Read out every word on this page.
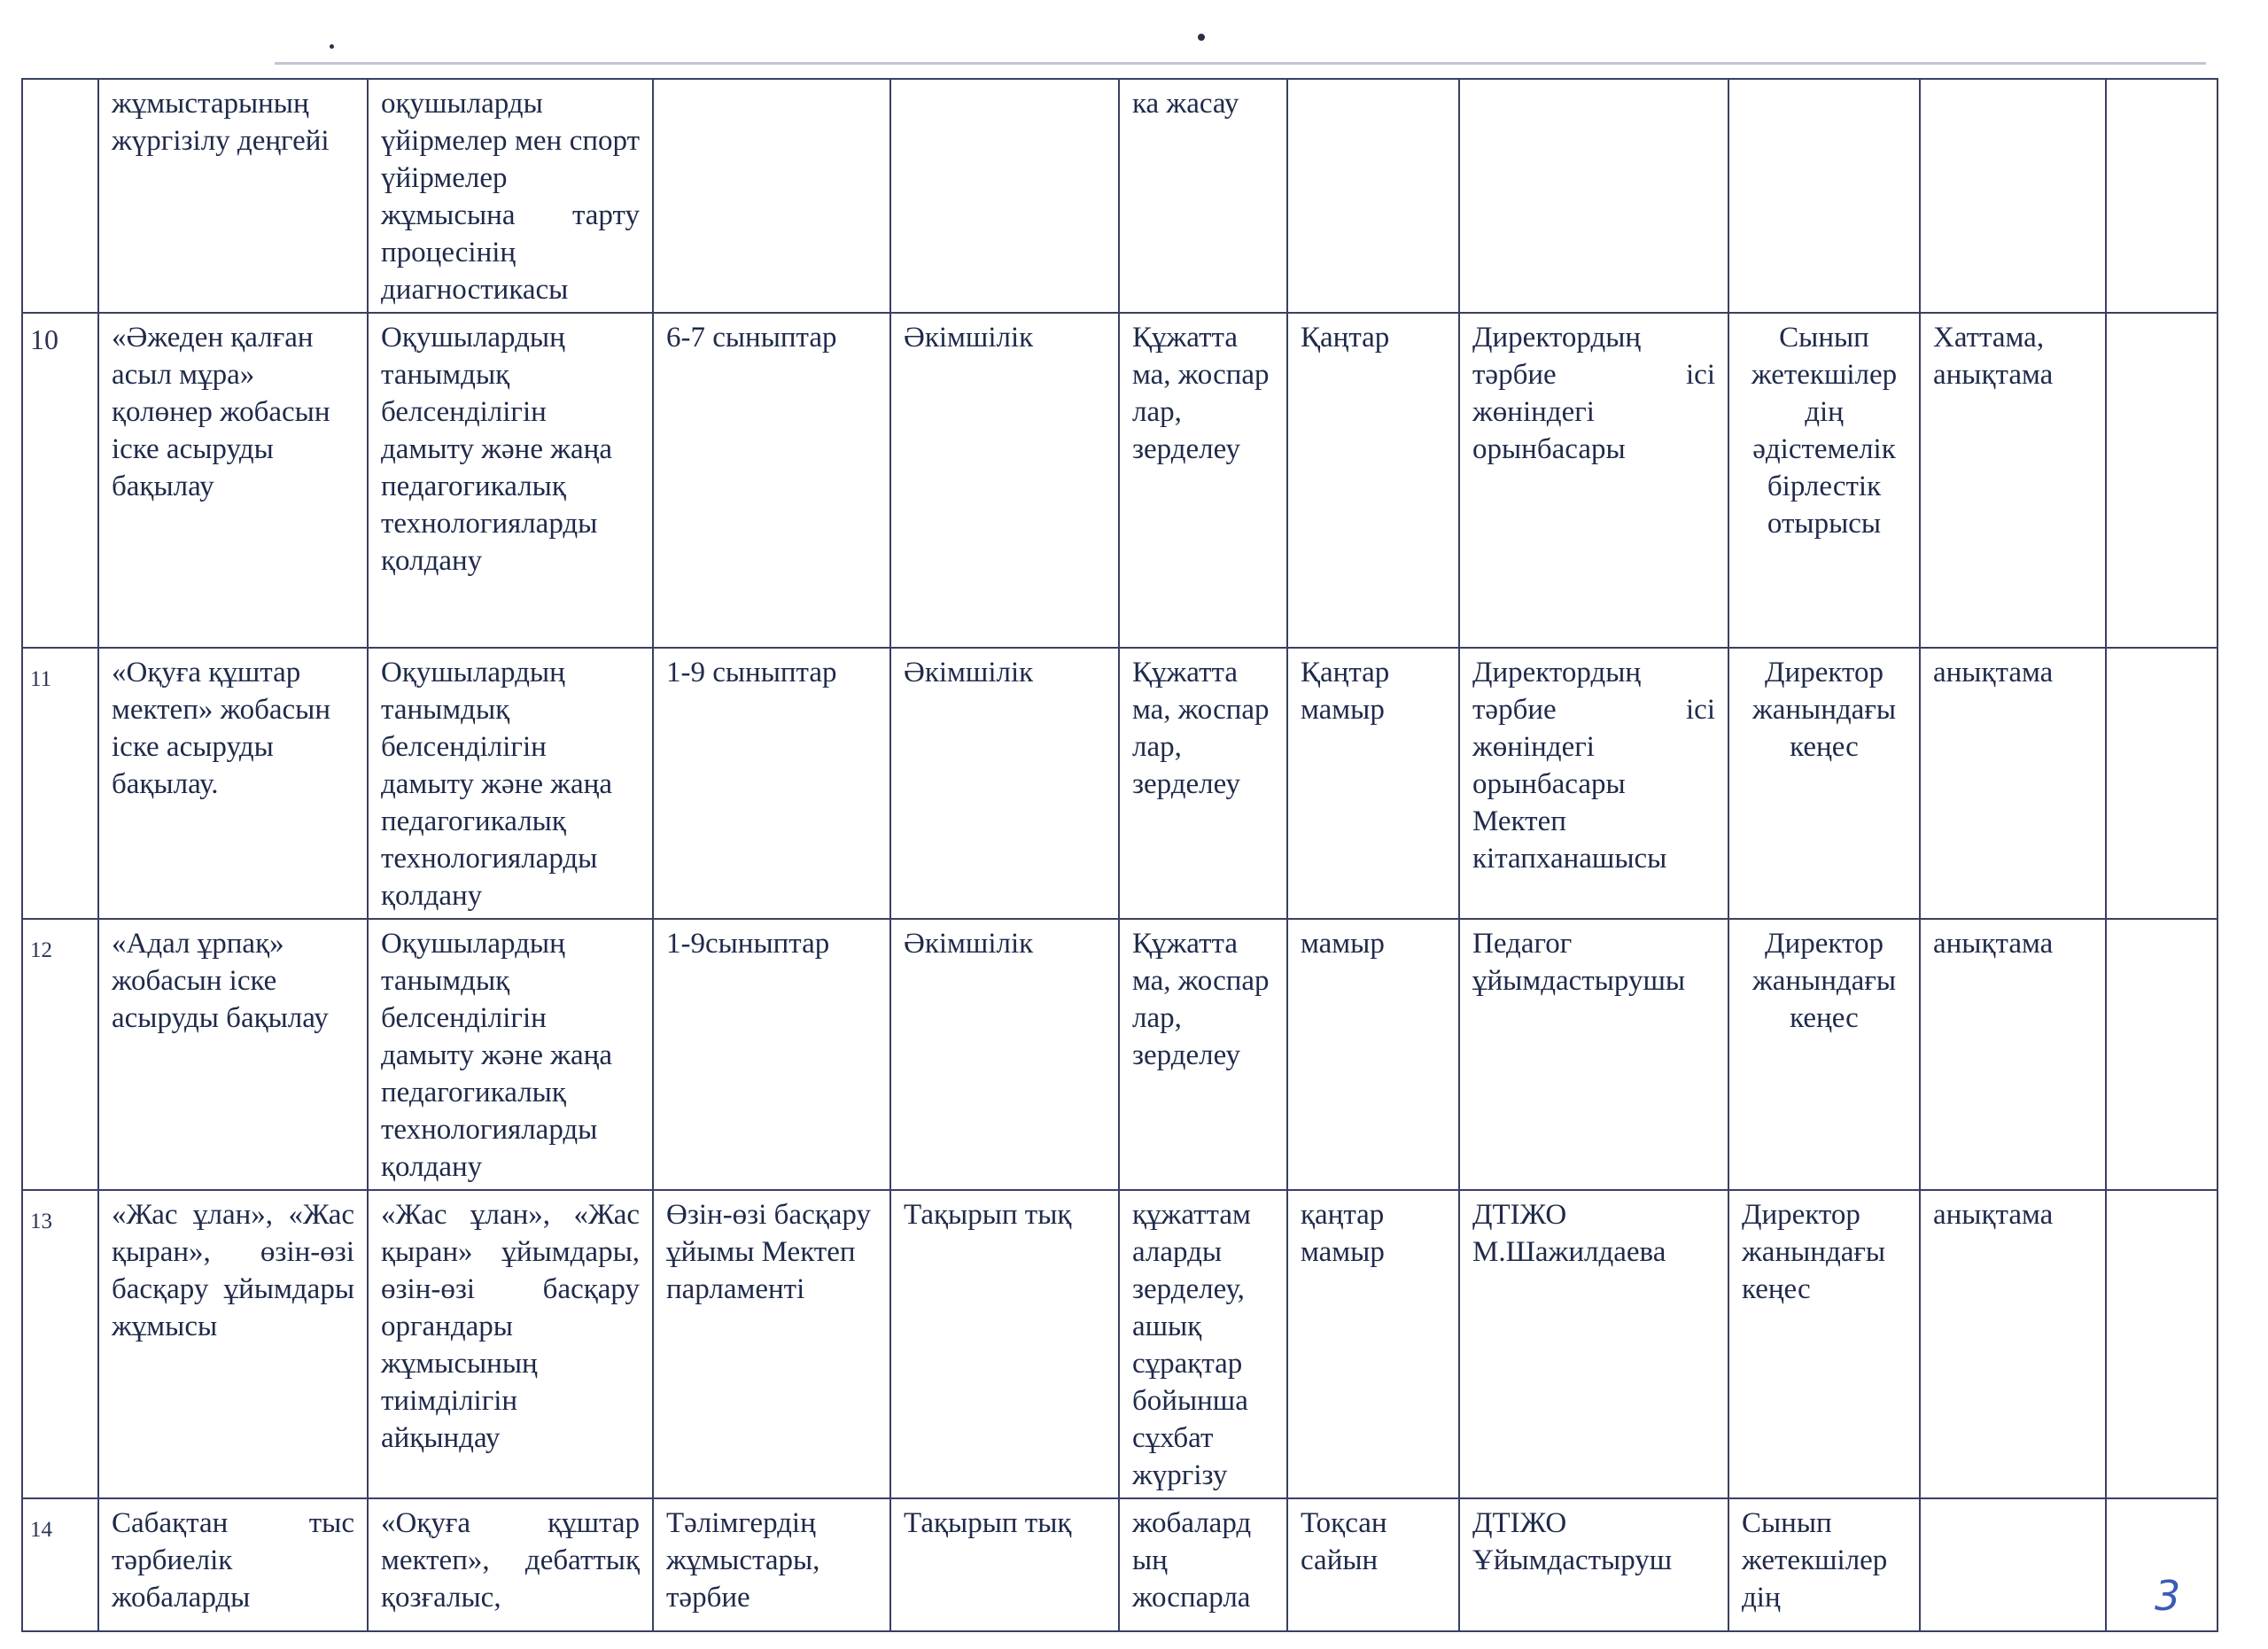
	жұмыстарының жүргізілу деңгейі	оқушыларды үйірмелер мен спорт үйірмелер жұмысына тарту процесінің диагностикасы			ка жасау					
10	«Әжеден қалған асыл мұра» қолөнер жобасын іске асыруды бақылау	Оқушылардың танымдық белсенділігін дамыту және жаңа педагогикалық технологияларды қолдану	6-7 сыныптар	Әкімшілік	Құжатта ма, жоспар лар, зерделеу	Қаңтар	Директордың тәрбие ісі жөніндегі орынбасары	Сынып жетекшілер дің әдістемелік бірлестік отырысы	Хаттама, анықтама	
11	«Оқуға құштар мектеп» жобасын іске асыруды бақылау.	Оқушылардың танымдық белсенділігін дамыту және жаңа педагогикалық технологияларды қолдану	1-9 сыныптар	Әкімшілік	Құжатта ма, жоспар лар, зерделеу	Қаңтар мамыр	Директордың тәрбие ісі жөніндегі орынбасары Мектеп кітапханашысы	Директор жанындағы кеңес	анықтама	
12	«Адал ұрпақ» жобасын іске асыруды бақылау	Оқушылардың танымдық белсенділігін дамыту және жаңа педагогикалық технологияларды қолдану	1-9сыныптар	Әкімшілік	Құжатта ма, жоспар лар, зерделеу	мамыр	Педагог ұйымдастырушы	Директор жанындағы кеңес	анықтама	
13	«Жас ұлан», «Жас қыран», өзін-өзі басқару ұйымдары жұмысы	«Жас ұлан», «Жас қыран» ұйымдары, өзін-өзі басқару органдары жұмысының тиімділігін айқындау	Өзін-өзі басқару ұйымы Мектеп парламенті	Тақырып тық	құжаттам аларды зерделеу, ашық сұрақтар бойынша сұхбат жүргізу	қаңтар мамыр	ДТІЖО М.Шажилдаева	Директор жанындағы кеңес	анықтама	
14	Сабақтан тыс тәрбиелік жобаларды	«Оқуға құштар мектеп», дебаттық қозғалыс,	Тәлімгердің жұмыстары, тәрбие	Тақырып тық	жобалард ың жоспарла	Тоқсан сайын	ДТІЖО Ұйымдастыруш	Сынып жетекшілер дің			3
